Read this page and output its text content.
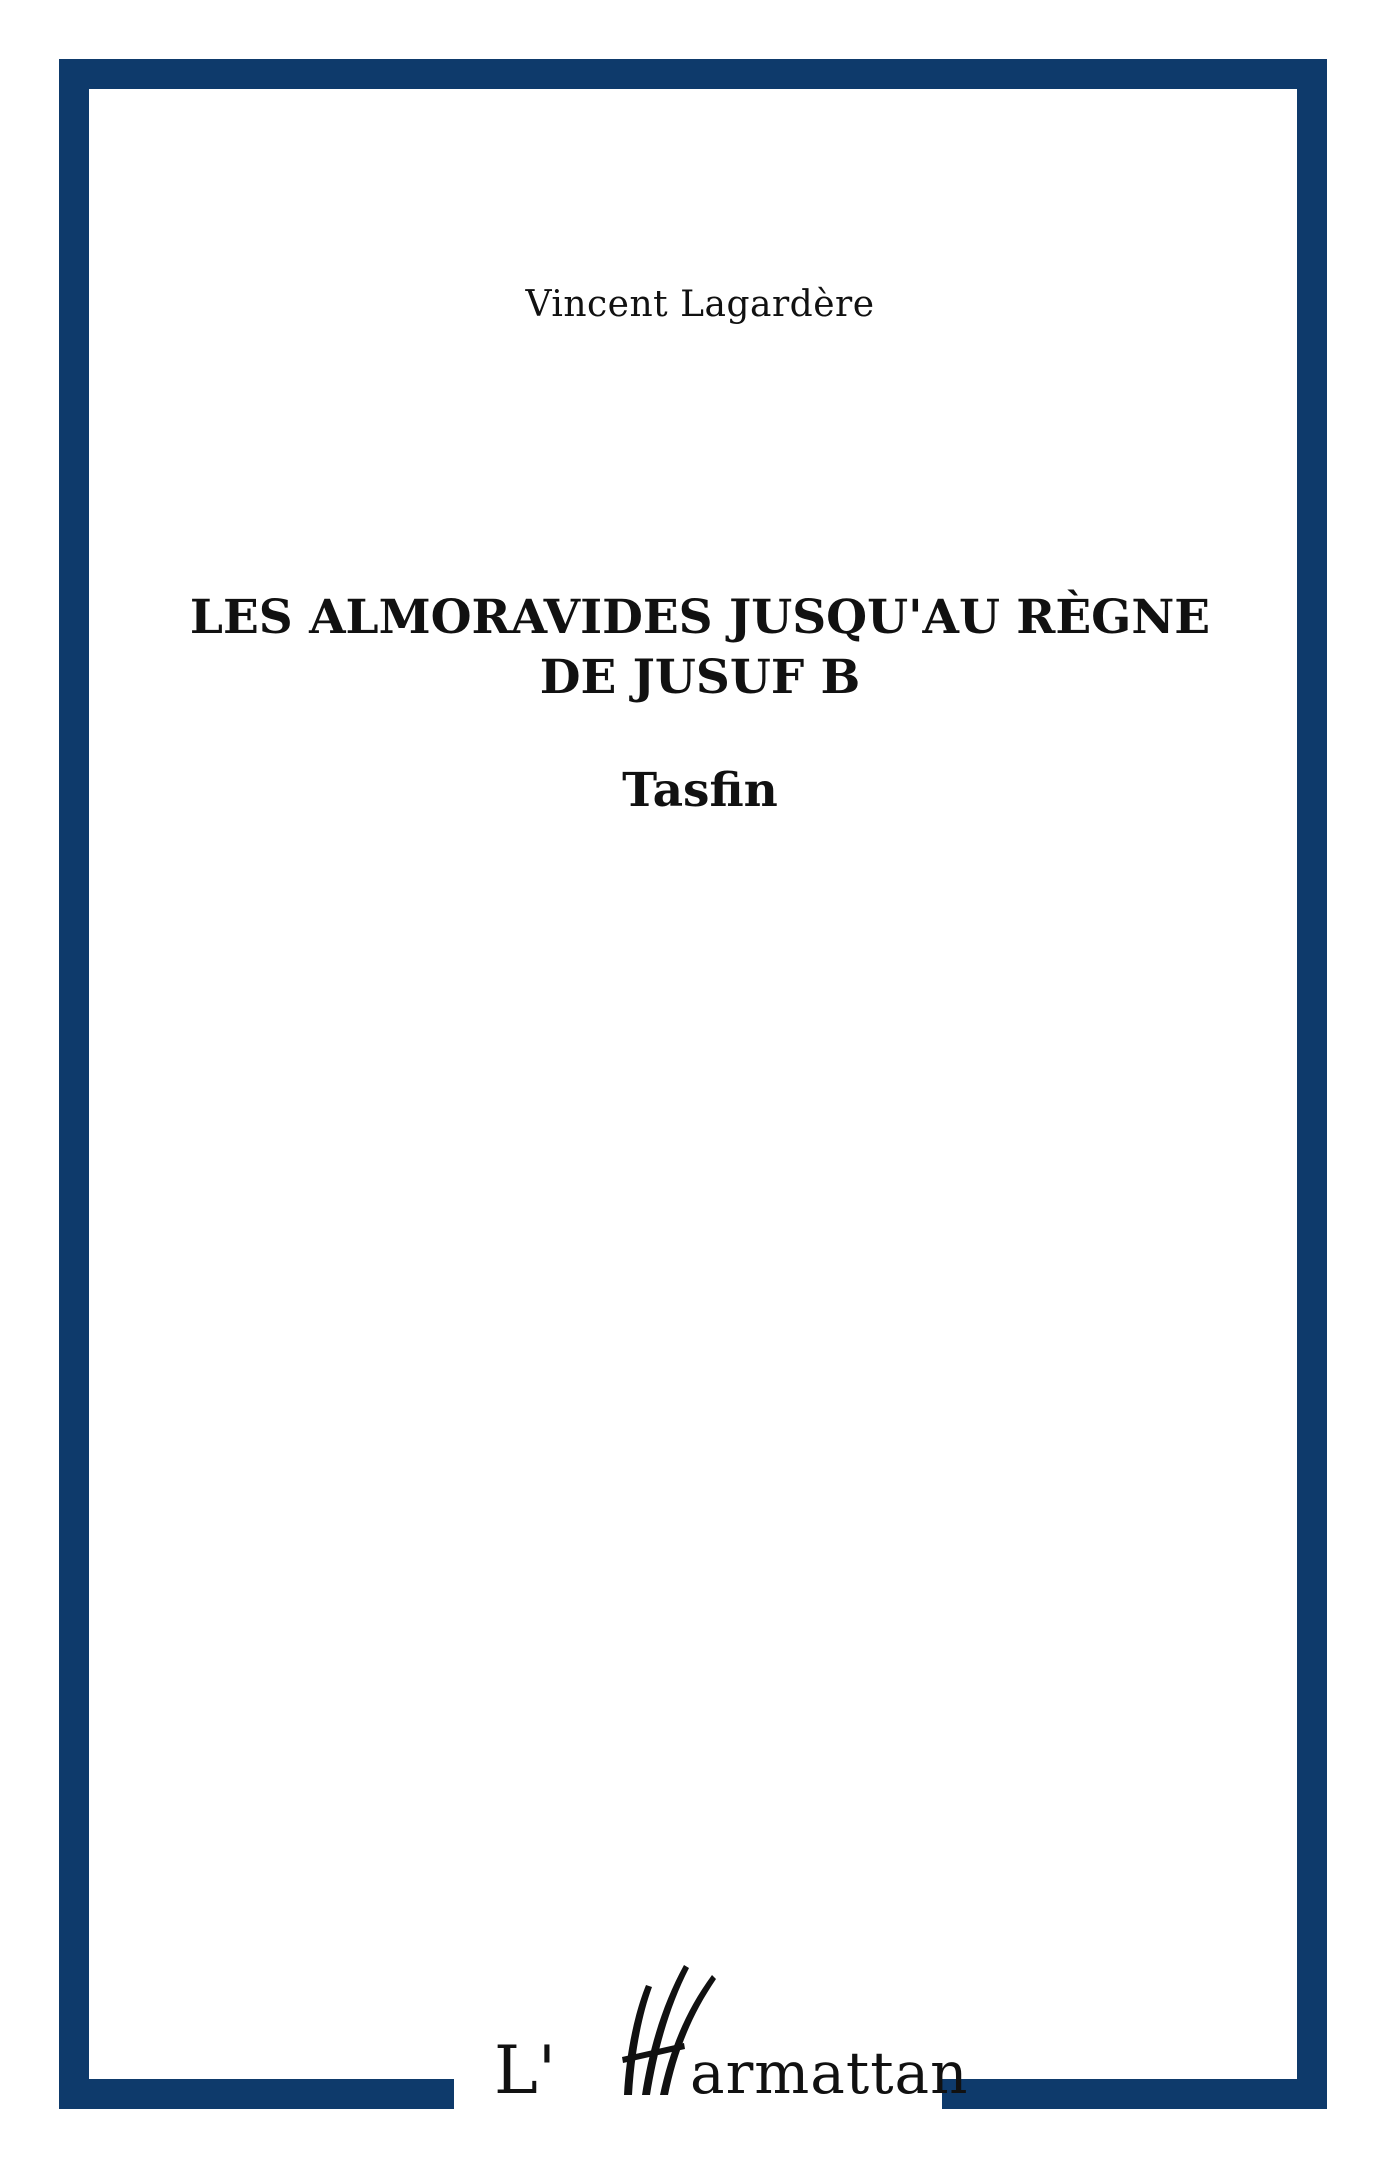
Vincent Lagardère
LES ALMORAVIDES JUSQU'AU RÈGNE
DE JUSUF B
Tasfin
L' armattan
